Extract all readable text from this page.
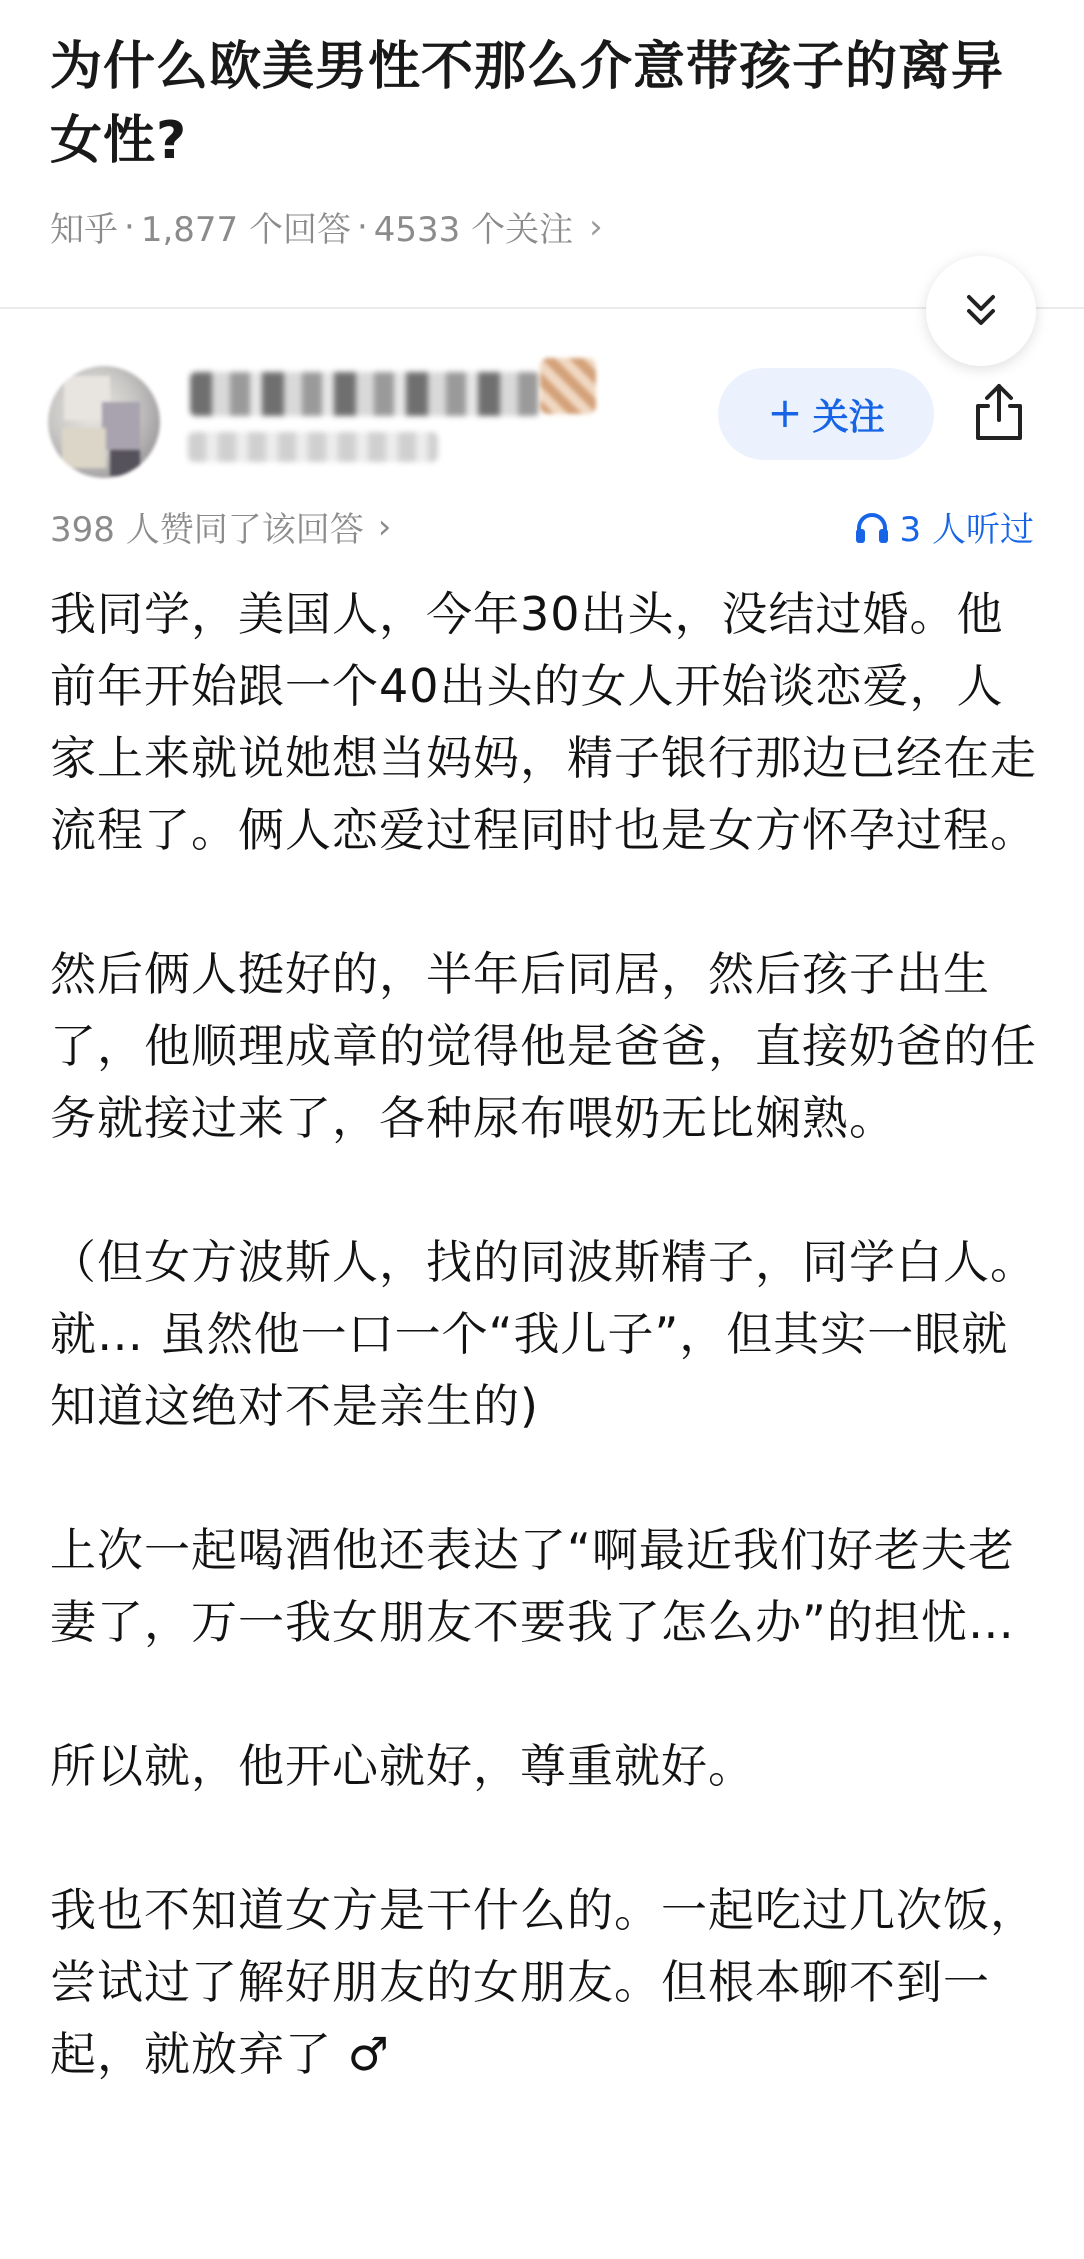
为什么欧美男性不那么介意带孩子的离异女性?
知乎 · 1,877 个回答 · 4533 个关注 ›
+ 关注
398 人赞同了该回答 ›	3 人听过

我同学，美国人，今年30出头，没结过婚。他前年开始跟一个40出头的女人开始谈恋爱，人家上来就说她想当妈妈，精子银行那边已经在走流程了。俩人恋爱过程同时也是女方怀孕过程。

然后俩人挺好的，半年后同居，然后孩子出生了，他顺理成章的觉得他是爸爸，直接奶爸的任务就接过来了，各种尿布喂奶无比娴熟。

（但女方波斯人，找的同波斯精子，同学白人。就… 虽然他一口一个“我儿子”，但其实一眼就知道这绝对不是亲生的)

上次一起喝酒他还表达了“啊最近我们好老夫老妻了，万一我女朋友不要我了怎么办”的担忧…

所以就，他开心就好，尊重就好。

我也不知道女方是干什么的。一起吃过几次饭，尝试过了解好朋友的女朋友。但根本聊不到一起，就放弃了 ♂
